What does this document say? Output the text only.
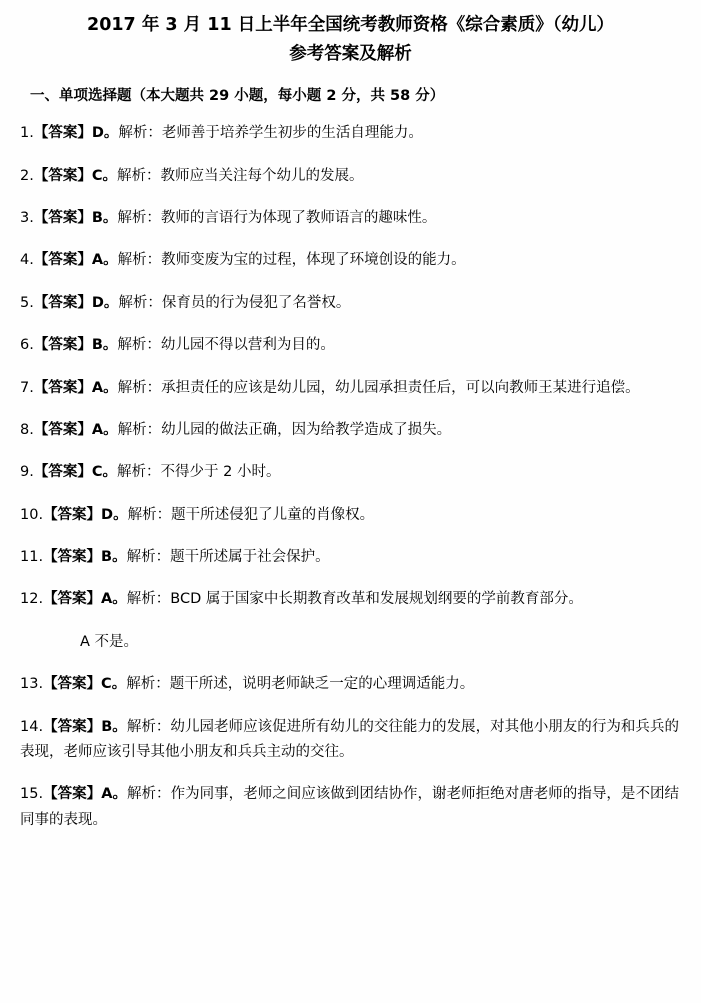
2017 年 3 月 11 日上半年全国统考教师资格《综合素质》（幼儿）
参考答案及解析
一、单项选择题（本大题共 29 小题，每小题 2 分，共 58 分）

1.【答案】D。解析：老师善于培养学生初步的生活自理能力。

2.【答案】C。解析：教师应当关注每个幼儿的发展。

3.【答案】B。解析：教师的言语行为体现了教师语言的趣味性。

4.【答案】A。解析：教师变废为宝的过程，体现了环境创设的能力。

5.【答案】D。解析：保育员的行为侵犯了名誉权。

6.【答案】B。解析：幼儿园不得以营利为目的。

7.【答案】A。解析：承担责任的应该是幼儿园，幼儿园承担责任后，可以向教师王某进行追偿。

8.【答案】A。解析：幼儿园的做法正确，因为给教学造成了损失。

9.【答案】C。解析：不得少于 2 小时。

10.【答案】D。解析：题干所述侵犯了儿童的肖像权。

11.【答案】B。解析：题干所述属于社会保护。

12.【答案】A。解析：BCD 属于国家中长期教育改革和发展规划纲要的学前教育部分。

A 不是。

13.【答案】C。解析：题干所述，说明老师缺乏一定的心理调适能力。

14.【答案】B。解析：幼儿园老师应该促进所有幼儿的交往能力的发展，对其他小朋友的行为和兵兵的表现，老师应该引导其他小朋友和兵兵主动的交往。

15.【答案】A。解析：作为同事，老师之间应该做到团结协作，谢老师拒绝对唐老师的指导，是不团结同事的表现。
